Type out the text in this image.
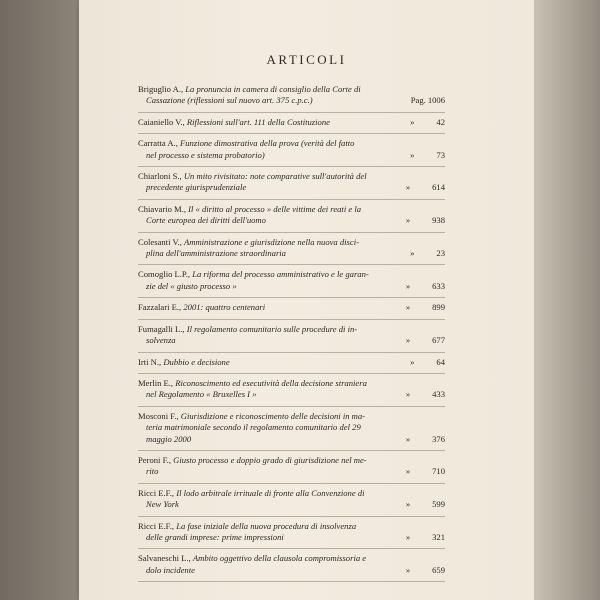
ARTICOLI
Briguglio A., La pronuncia in camera di consiglio della Corte di
Cassazione (riflessioni sul nuovo art. 375 c.p.c.)	Pag. 1006
Caianiello V., Riflessioni sull'art. 111 della Costituzione	»	42
Carratta A., Funzione dimostrativa della prova (verità del fatto
nel processo e sistema probatorio)	»	73
Chiarloni S., Un mito rivisitato: note comparative sull'autorità del
precedente giurisprudenziale	»	614
Chiavario M., Il « diritto al processo » delle vittime dei reati e la
Corte europea dei diritti dell'uomo	»	938
Colesanti V., Amministrazione e giurisdizione nella nuova disci-
plina dell'amministrazione straordinaria	»	23
Comoglio L.P., La riforma del processo amministrativo e le garan-
zie del « giusto processo »	»	633
Fazzalari E., 2001: quattro centenari	»	899
Fumagalli L., Il regolamento comunitario sulle procedure di in-
solvenza	»	677
Irti N., Dubbio e decisione	»	64
Merlin E., Riconoscimento ed esecutività della decisione straniera
nel Regolamento « Bruxelles I »	»	433
Mosconi F., Giurisdizione e riconoscimento delle decisioni in ma-
teria matrimoniale secondo il regolamento comunitario del 29
maggio 2000	»	376
Peroni F., Giusto processo e doppio grado di giurisdizione nel me-
rito	»	710
Ricci E.F., Il lodo arbitrale irrituale di fronte alla Convenzione di
New York	»	599
Ricci E.F., La fase iniziale della nuova procedura di insolvenza
delle grandi imprese: prime impressioni	»	321
Salvaneschi L., Ambito oggettivo della clausola compromissoria e
dolo incidente	»	659
